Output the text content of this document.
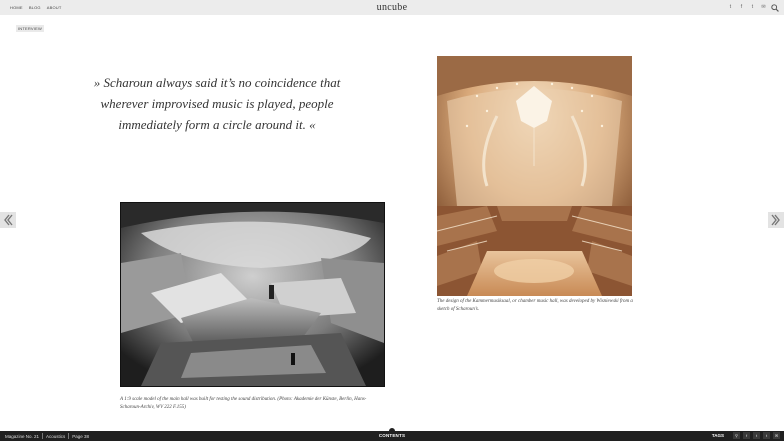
HOME BLOG ABOUT	uncube	t	f	t	✉
INTERVIEW
» Scharoun always said it’s no coincidence that wherever improvised music is played, people immediately form a circle around it. «
A 1:9 scale model of the main hall was built for testing the sound distribution. (Photo: Akademie der Künste, Berlin, Hans-Scharoun-Archiv, WV 222 F.155)
The design of the Kammermusiksaal, or chamber music hall, was developed by Wisniewski from a sketch of Scharoun’s.
Magazine No. 21 Acoustics Page 38	CONTENTS	TAGS	⚲	f	t	t	✉
